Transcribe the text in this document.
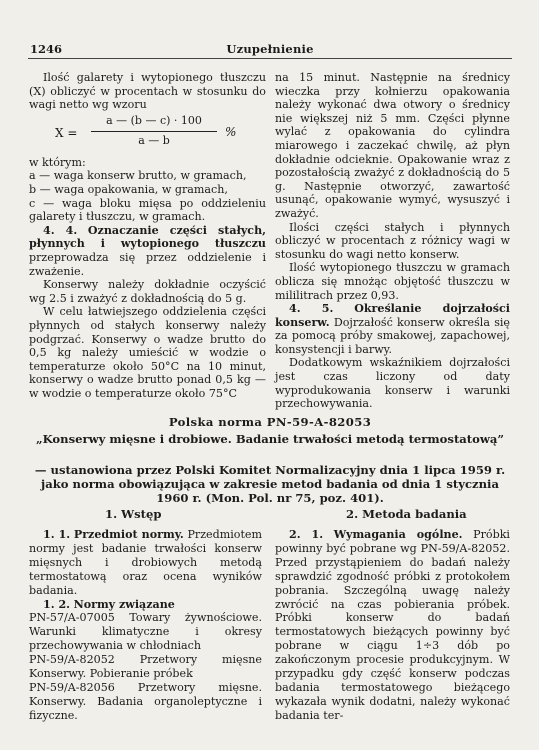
1246	Uzupełnienie

Ilość galarety i wytopionego tłuszczu (X) obliczyć w procentach w stosunku do wagi netto wg wzoru

X =
a — (b — c) · 100
a — b
%

w którym:

a — waga konserw brutto, w gramach,

b — waga opakowania, w gramach,

c — waga bloku mięsa po oddzieleniu galarety i tłuszczu, w gramach.

4. 4. Oznaczanie części stałych, płynnych i wytopionego tłuszczu przeprowadza się przez oddzielenie i zważenie.

Konserwy należy dokładnie oczyścić wg 2.5 i zważyć z dokładnością do 5 g.

W celu łatwiejszego oddzielenia części płynnych od stałych konserwy należy podgrzać. Konserwy o wadze brutto do 0,5 kg należy umieścić w wodzie o temperaturze około 50°C na 10 minut, konserwy o wadze brutto ponad 0,5 kg — w wodzie o temperaturze około 75°C

na 15 minut. Następnie na średnicy wieczka przy kołnierzu opakowania należy wykonać dwa otwory o średnicy nie większej niż 5 mm. Części płynne wylać z opakowania do cylindra miarowego i zaczekać chwilę, aż płyn dokładnie odcieknie. Opakowanie wraz z pozostałością zważyć z dokładnością do 5 g. Następnie otworzyć, zawartość usunąć, opakowanie wymyć, wysuszyć i zważyć.

Ilości części stałych i płynnych obliczyć w procentach z różnicy wagi w stosunku do wagi netto konserw.

Ilość wytopionego tłuszczu w gramach oblicza się mnożąc objętość tłuszczu w mililitrach przez 0,93.

4. 5. Określanie dojrzałości konserw. Dojrzałość konserw określa się za pomocą próby smakowej, zapachowej, konsystencji i barwy.

Dodatkowym wskaźnikiem dojrzałości jest czas liczony od daty wyprodukowania konserw i warunki przechowywania.

Polska norma PN-59-A-82053
„Konserwy mięsne i drobiowe. Badanie trwałości metodą termostatową”
— ustanowiona przez Polski Komitet Normalizacyjny dnia 1 lipca 1959 r. jako norma obowiązująca w zakresie metod badania od dnia 1 stycznia 1960 r. (Mon. Pol. nr 75, poz. 401).
1. Wstęp	2. Metoda badania

1. 1. Przedmiot normy. Przedmiotem normy jest badanie trwałości konserw mięsnych i drobiowych metodą termostatową oraz ocena wyników badania.

1. 2. Normy związane

PN-57/A-07005 Towary żywnościowe. Warunki klimatyczne i okresy przechowywania w chłodniach

PN-59/A-82052 Przetwory mięsne Konserwy. Pobieranie próbek

PN-59/A-82056 Przetwory mięsne. Konserwy. Badania organoleptyczne i fizyczne.

2. 1. Wymagania ogólne. Próbki powinny być pobrane wg PN-59/A-82052. Przed przystąpieniem do badań należy sprawdzić zgodność próbki z protokołem pobrania. Szczególną uwagę należy zwrócić na czas pobierania próbek. Próbki konserw do badań termostatowych bieżących powinny być pobrane w ciągu 1÷3 dób po zakończonym procesie produkcyjnym. W przypadku gdy część konserw podczas badania termostatowego bieżącego wykazała wynik dodatni, należy wykonać badania ter-
